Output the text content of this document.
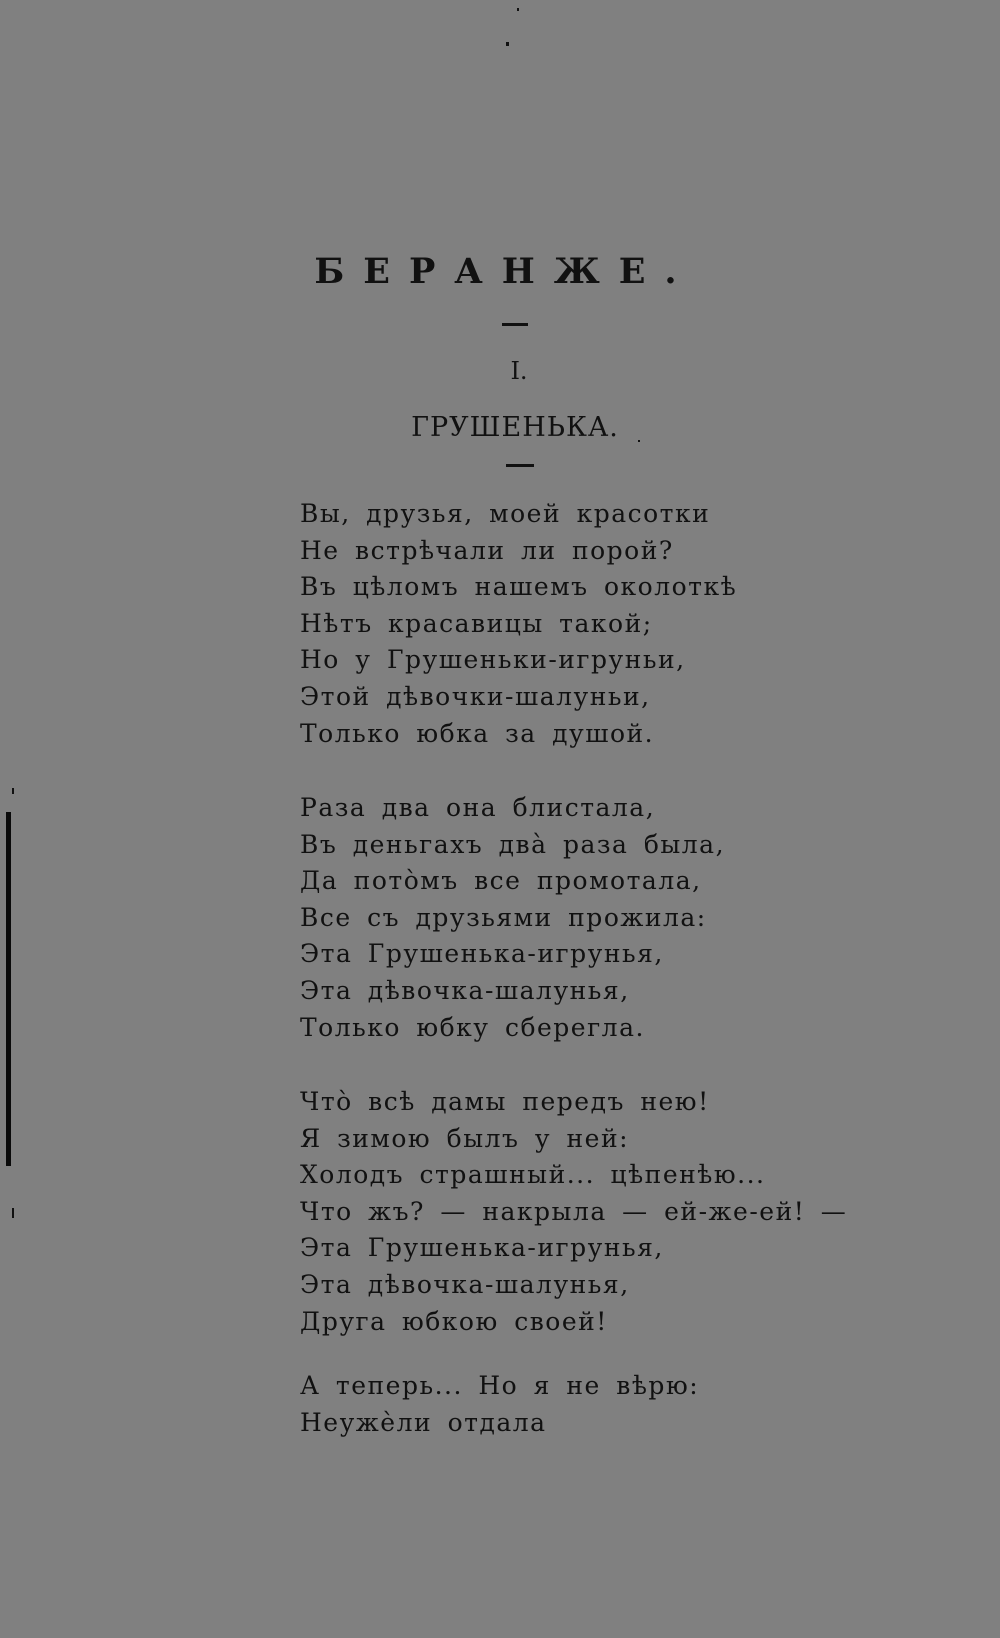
БЕРАНЖЕ.
I.
ГРУШЕНЬКА.
Вы, друзья, моей красотки
Не встрѣчали ли порой?
Въ цѣломъ нашемъ околоткѣ
Нѣтъ красавицы такой;
Но у Грушеньки-игруньи,
Этой дѣвочки-шалуньи,
Только юбка за душой.
Раза два она блистала,
Въ деньгахъ двà раза была,
Да потòмъ все промотала,
Все съ друзьями прожила:
Эта Грушенька-игрунья,
Эта дѣвочка-шалунья,
Только юбку сберегла.
Чтò всѣ дамы передъ нею!
Я зимою былъ у ней:
Холодъ страшный... цѣпенѣю...
Что жъ? — накрыла — ей-же-ей! —
Эта Грушенька-игрунья,
Эта дѣвочка-шалунья,
Друга юбкою своей!
А теперь... Но я не вѣрю:
Неужѐли отдала
